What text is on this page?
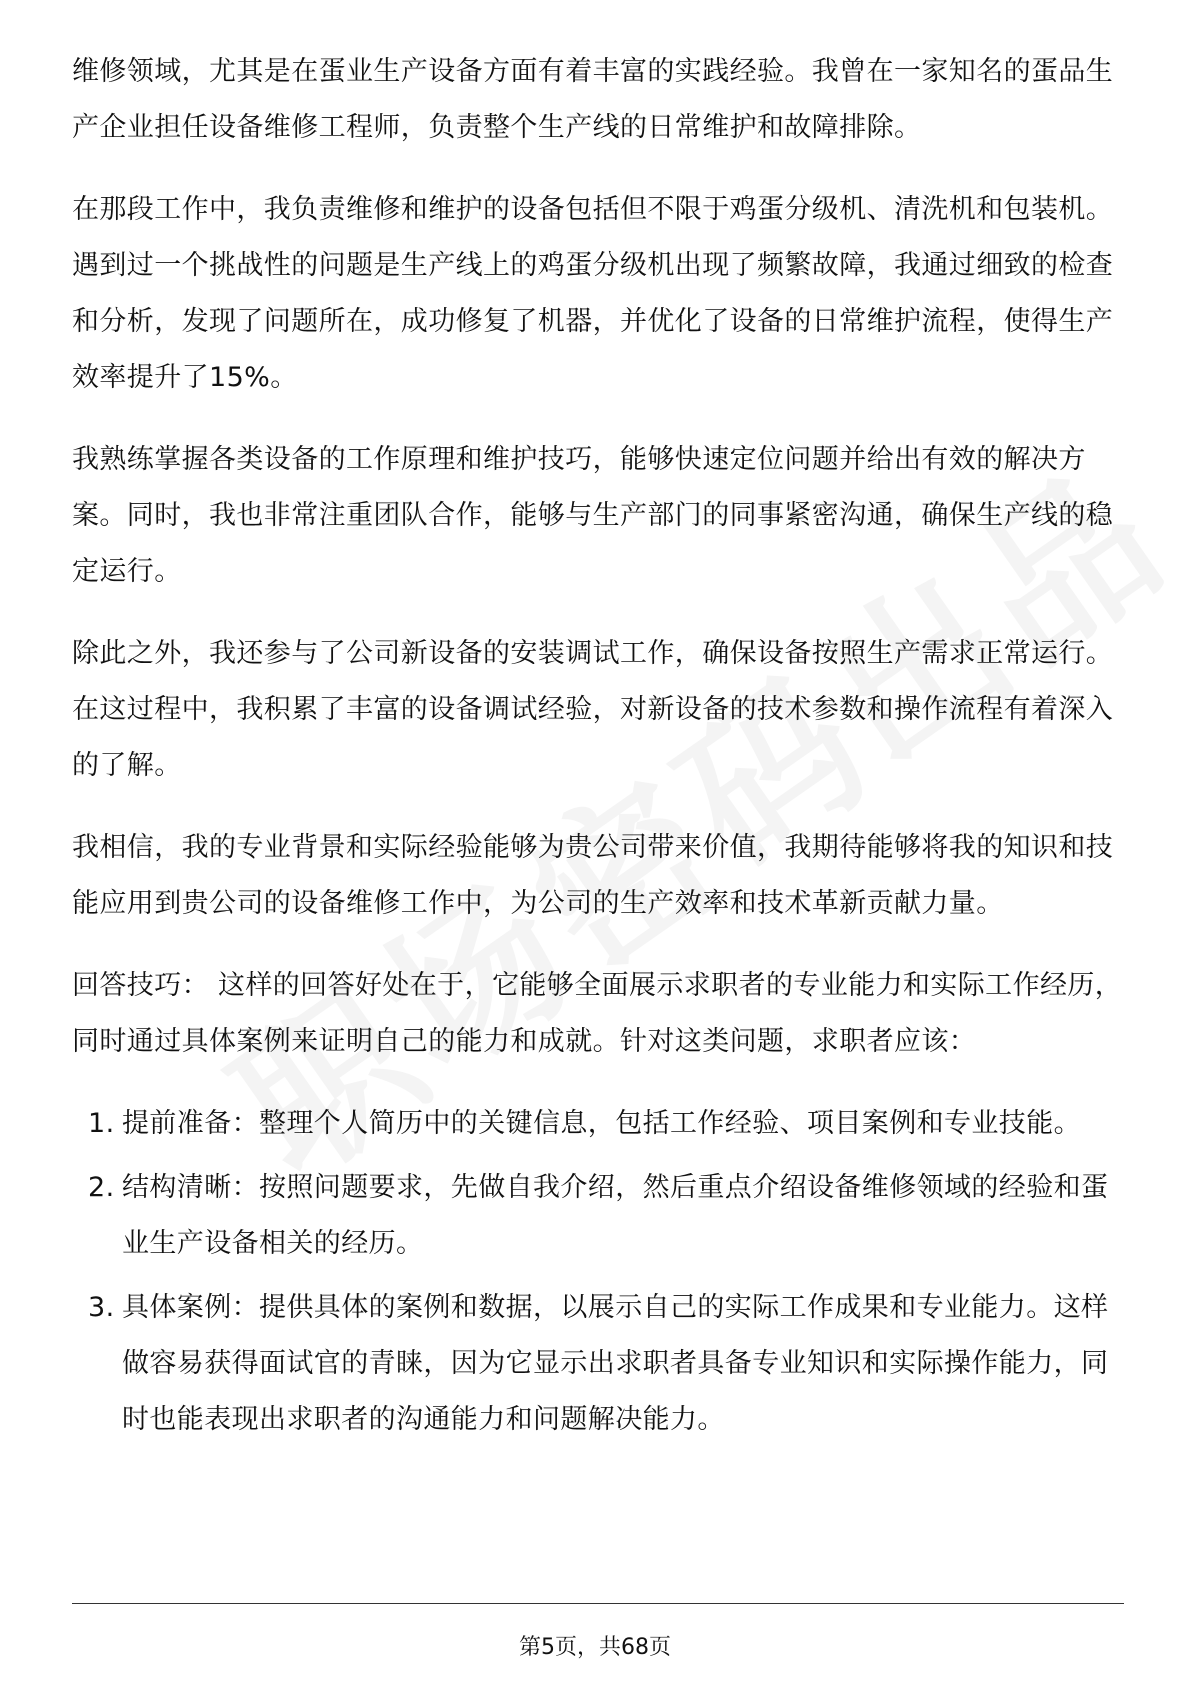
维修领域，尤其是在蛋业生产设备方面有着丰富的实践经验。我曾在一家知名的蛋品生产企业担任设备维修工程师，负责整个生产线的日常维护和故障排除。

在那段工作中，我负责维修和维护的设备包括但不限于鸡蛋分级机、清洗机和包装机。遇到过一个挑战性的问题是生产线上的鸡蛋分级机出现了频繁故障，我通过细致的检查和分析，发现了问题所在，成功修复了机器，并优化了设备的日常维护流程，使得生产效率提升了15%。

我熟练掌握各类设备的工作原理和维护技巧，能够快速定位问题并给出有效的解决方案。同时，我也非常注重团队合作，能够与生产部门的同事紧密沟通，确保生产线的稳定运行。

除此之外，我还参与了公司新设备的安装调试工作，确保设备按照生产需求正常运行。在这过程中，我积累了丰富的设备调试经验，对新设备的技术参数和操作流程有着深入的了解。

我相信，我的专业背景和实际经验能够为贵公司带来价值，我期待能够将我的知识和技能应用到贵公司的设备维修工作中，为公司的生产效率和技术革新贡献力量。

回答技巧： 这样的回答好处在于，它能够全面展示求职者的专业能力和实际工作经历，同时通过具体案例来证明自己的能力和成就。针对这类问题，求职者应该：

1. 提前准备：整理个人简历中的关键信息，包括工作经验、项目案例和专业技能。
2. 结构清晰：按照问题要求，先做自我介绍，然后重点介绍设备维修领域的经验和蛋业生产设备相关的经历。
3. 具体案例：提供具体的案例和数据，以展示自己的实际工作成果和专业能力。这样做容易获得面试官的青睐，因为它显示出求职者具备专业知识和实际操作能力，同时也能表现出求职者的沟通能力和问题解决能力。
第5页，共68页
